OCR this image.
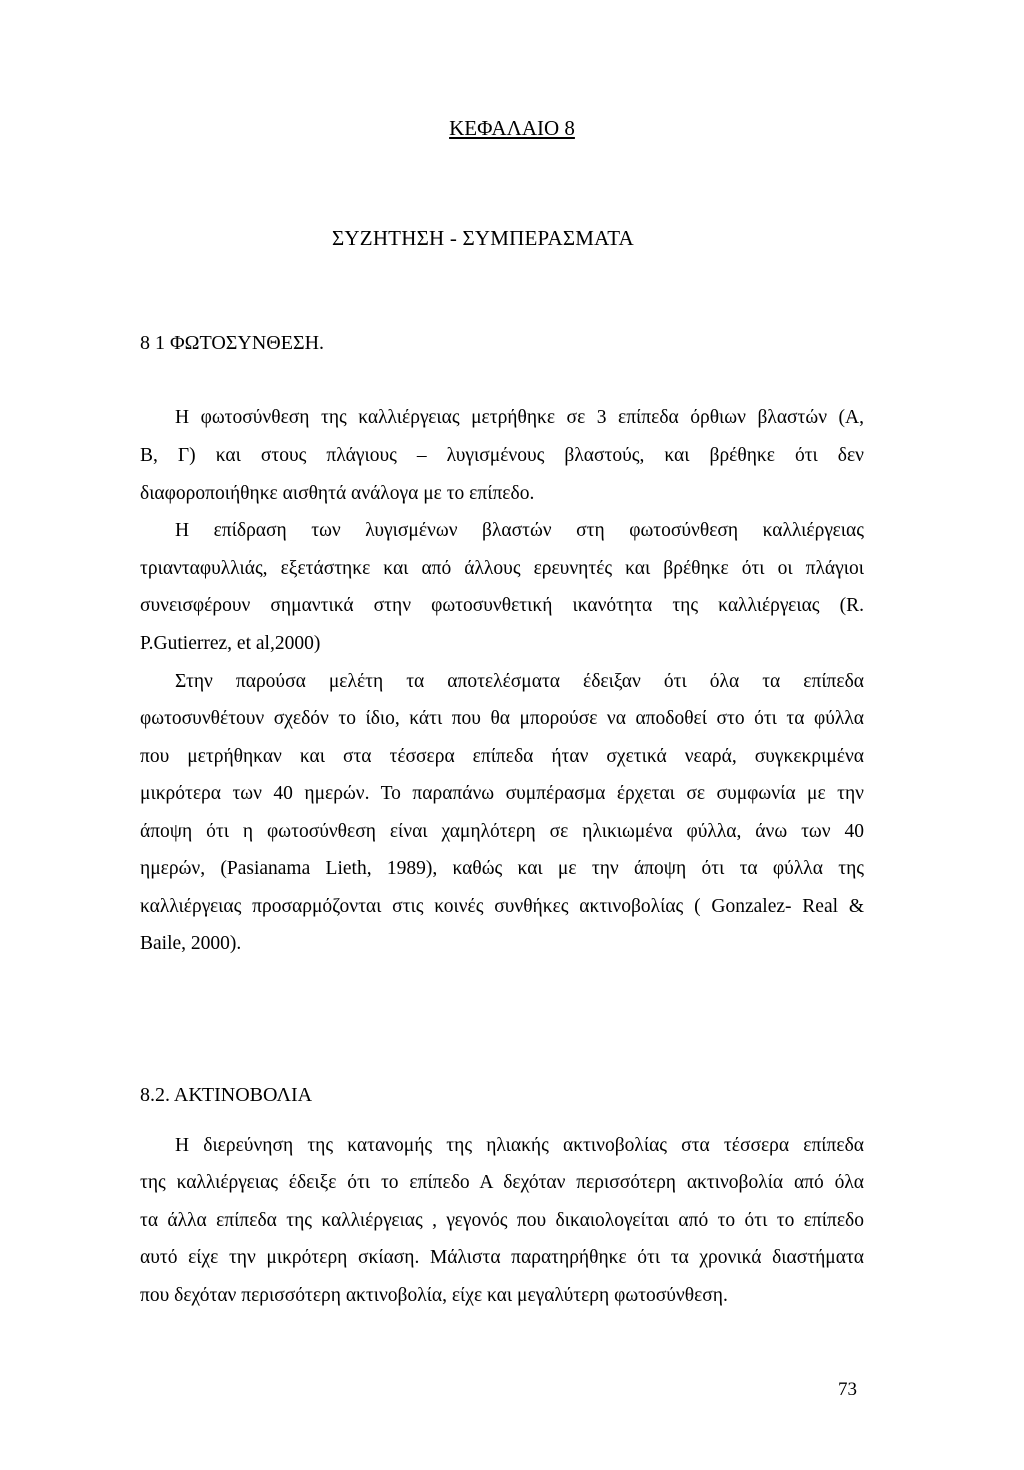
ΚΕΦΑΛΑΙΟ 8
ΣΥΖΗΤΗΣΗ - ΣΥΜΠΕΡΑΣΜΑΤΑ
8 1 ΦΩΤΟΣΥΝΘΕΣΗ.
Η φωτοσύνθεση της καλλιέργειας μετρήθηκε σε 3 επίπεδα όρθιων βλαστών (Α,
Β, Γ) και στους πλάγιους – λυγισμένους βλαστούς, και βρέθηκε ότι δεν
διαφοροποιήθηκε αισθητά ανάλογα με το επίπεδο.
Η επίδραση των λυγισμένων βλαστών στη φωτοσύνθεση καλλιέργειας
τριανταφυλλιάς, εξετάστηκε και από άλλους ερευνητές και βρέθηκε ότι οι πλάγιοι
συνεισφέρουν σημαντικά στην φωτοσυνθετική ικανότητα της καλλιέργειας (R.
P.Gutierrez, et al,2000)
Στην παρούσα μελέτη τα αποτελέσματα έδειξαν ότι όλα τα επίπεδα
φωτοσυνθέτουν σχεδόν το ίδιο, κάτι που θα μπορούσε να αποδοθεί στο ότι τα φύλλα
που μετρήθηκαν και στα τέσσερα επίπεδα ήταν σχετικά νεαρά, συγκεκριμένα
μικρότερα των 40 ημερών. Το παραπάνω συμπέρασμα έρχεται σε συμφωνία με την
άποψη ότι η φωτοσύνθεση είναι χαμηλότερη σε ηλικιωμένα φύλλα, άνω των 40
ημερών, (Pasianama Lieth, 1989), καθώς και με την άποψη ότι τα φύλλα της
καλλιέργειας προσαρμόζονται στις κοινές συνθήκες ακτινοβολίας ( Gonzalez- Real &
Baile, 2000).
8.2. ΑΚΤΙΝΟΒΟΛΙΑ
Η διερεύνηση της κατανομής της ηλιακής ακτινοβολίας στα τέσσερα επίπεδα
της καλλιέργειας έδειξε ότι το επίπεδο Α δεχόταν περισσότερη ακτινοβολία από όλα
τα άλλα επίπεδα της καλλιέργειας , γεγονός που δικαιολογείται από το ότι το επίπεδο
αυτό είχε την μικρότερη σκίαση. Μάλιστα παρατηρήθηκε ότι τα χρονικά διαστήματα
που δεχόταν περισσότερη ακτινοβολία, είχε και μεγαλύτερη φωτοσύνθεση.
73
